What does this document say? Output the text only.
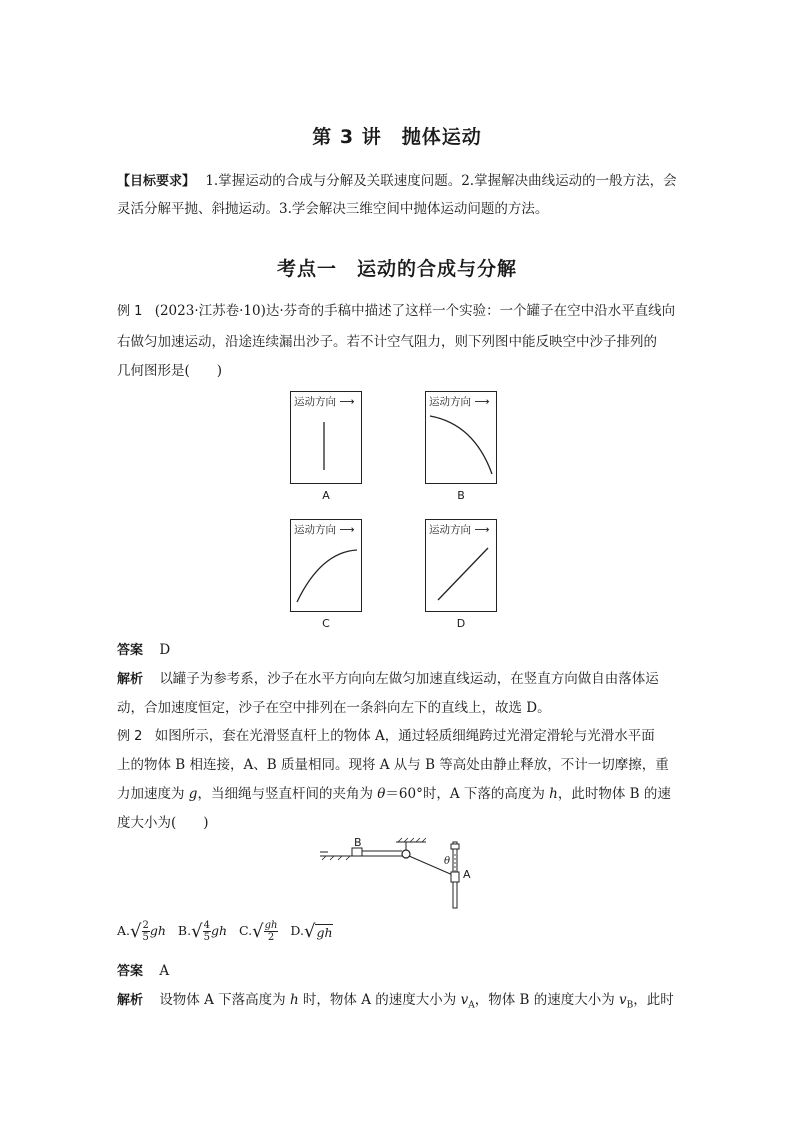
第 3 讲　抛体运动
【目标要求】 1.掌握运动的合成与分解及关联速度问题。2.掌握解决曲线运动的一般方法，会
灵活分解平抛、斜抛运动。3.学会解决三维空间中抛体运动问题的方法。
考点一　运动的合成与分解
例 1 (2023·江苏卷·10)达·芬奇的手稿中描述了这样一个实验：一个罐子在空中沿水平直线向
右做匀加速运动，沿途连续漏出沙子。若不计空气阻力，则下列图中能反映空中沙子排列的
几何图形是(　　)
运动方向 ⟶
A
运动方向 ⟶
B
运动方向 ⟶
C
运动方向 ⟶
D
答案 D
解析 以罐子为参考系，沙子在水平方向向左做匀加速直线运动，在竖直方向做自由落体运
动，合加速度恒定，沙子在空中排列在一条斜向左下的直线上，故选 D。
例 2 如图所示，套在光滑竖直杆上的物体 A，通过轻质细绳跨过光滑定滑轮与光滑水平面
上的物体 B 相连接，A、B 质量相同。现将 A 从与 B 等高处由静止释放，不计一切摩擦，重
力加速度为 g，当细绳与竖直杆间的夹角为 θ＝60°时，A 下落的高度为 h，此时物体 B 的速
度大小为(　　)
B
A
θ
$A.√ \frac{2}{5}$ gh $B.√ \frac{4}{5}$ gh $C.√ \frac{gh}{2} D.√gh$
答案 A
解析 设物体 A 下落高度为 h 时，物体 A 的速度大小为 $v_A$，物体 B 的速度大小为 $v_B$，此时
